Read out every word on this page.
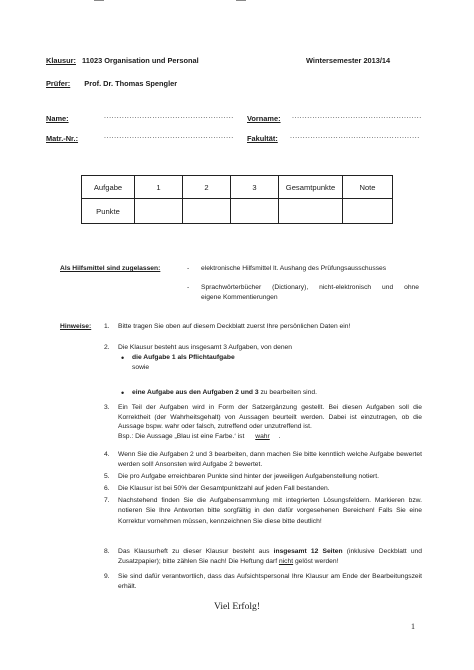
Klausur: 11023 Organisation und Personal	Wintersemester 2013/14
Prüfer: Prof. Dr. Thomas Spengler
Name:	................................................... Vorname: ...................................................
Matr.-Nr.:	................................................... Fakultät: ...................................................
Aufgabe	1	2	3	Gesamtpunkte	Note
Punkte					
Als Hilfsmittel sind zugelassen:	- elektronische Hilfsmittel lt. Aushang des Prüfungsausschusses
- Sprachwörterbücher (Dictionary), nicht-elektronisch und ohne
eigene Kommentierungen
Hinweise: 1. Bitte tragen Sie oben auf diesem Deckblatt zuerst Ihre persönlichen Daten ein!
2. Die Klausur besteht aus insgesamt 3 Aufgaben, von denen
• die Aufgabe 1 als Pflichtaufgabe
sowie
• eine Aufgabe aus den Aufgaben 2 und 3 zu bearbeiten sind.
3. Ein Teil der Aufgaben wird in Form der Satzergänzung gestellt. Bei diesen Aufgaben soll die Korrektheit (der Wahrheitsgehalt) von Aussagen beurteilt werden. Dabei ist einzutragen, ob die Aussage bspw. wahr oder falsch, zutreffend oder unzutreffend ist.
Bsp.: Die Aussage „Blau ist eine Farbe.‘ ist wahr .
4. Wenn Sie die Aufgaben 2 und 3 bearbeiten, dann machen Sie bitte kenntlich welche Aufgabe bewertet werden soll! Ansonsten wird Aufgabe 2 bewertet.
5. Die pro Aufgabe erreichbaren Punkte sind hinter der jeweiligen Aufgabenstellung notiert.
6. Die Klausur ist bei 50% der Gesamtpunktzahl auf jeden Fall bestanden.
7. Nachstehend finden Sie die Aufgabensammlung mit integrierten Lösungsfeldern. Markieren bzw. notieren Sie Ihre Antworten bitte sorgfältig in den dafür vorgesehenen Bereichen! Falls Sie eine Korrektur vornehmen müssen, kennzeichnen Sie diese bitte deutlich!
8. Das Klausurheft zu dieser Klausur besteht aus insgesamt 12 Seiten (inklusive Deckblatt und Zusatzpapier); bitte zählen Sie nach! Die Heftung darf nicht gelöst werden!
9. Sie sind dafür verantwortlich, dass das Aufsichtspersonal Ihre Klausur am Ende der Bearbeitungszeit erhält.
Viel Erfolg!
1
